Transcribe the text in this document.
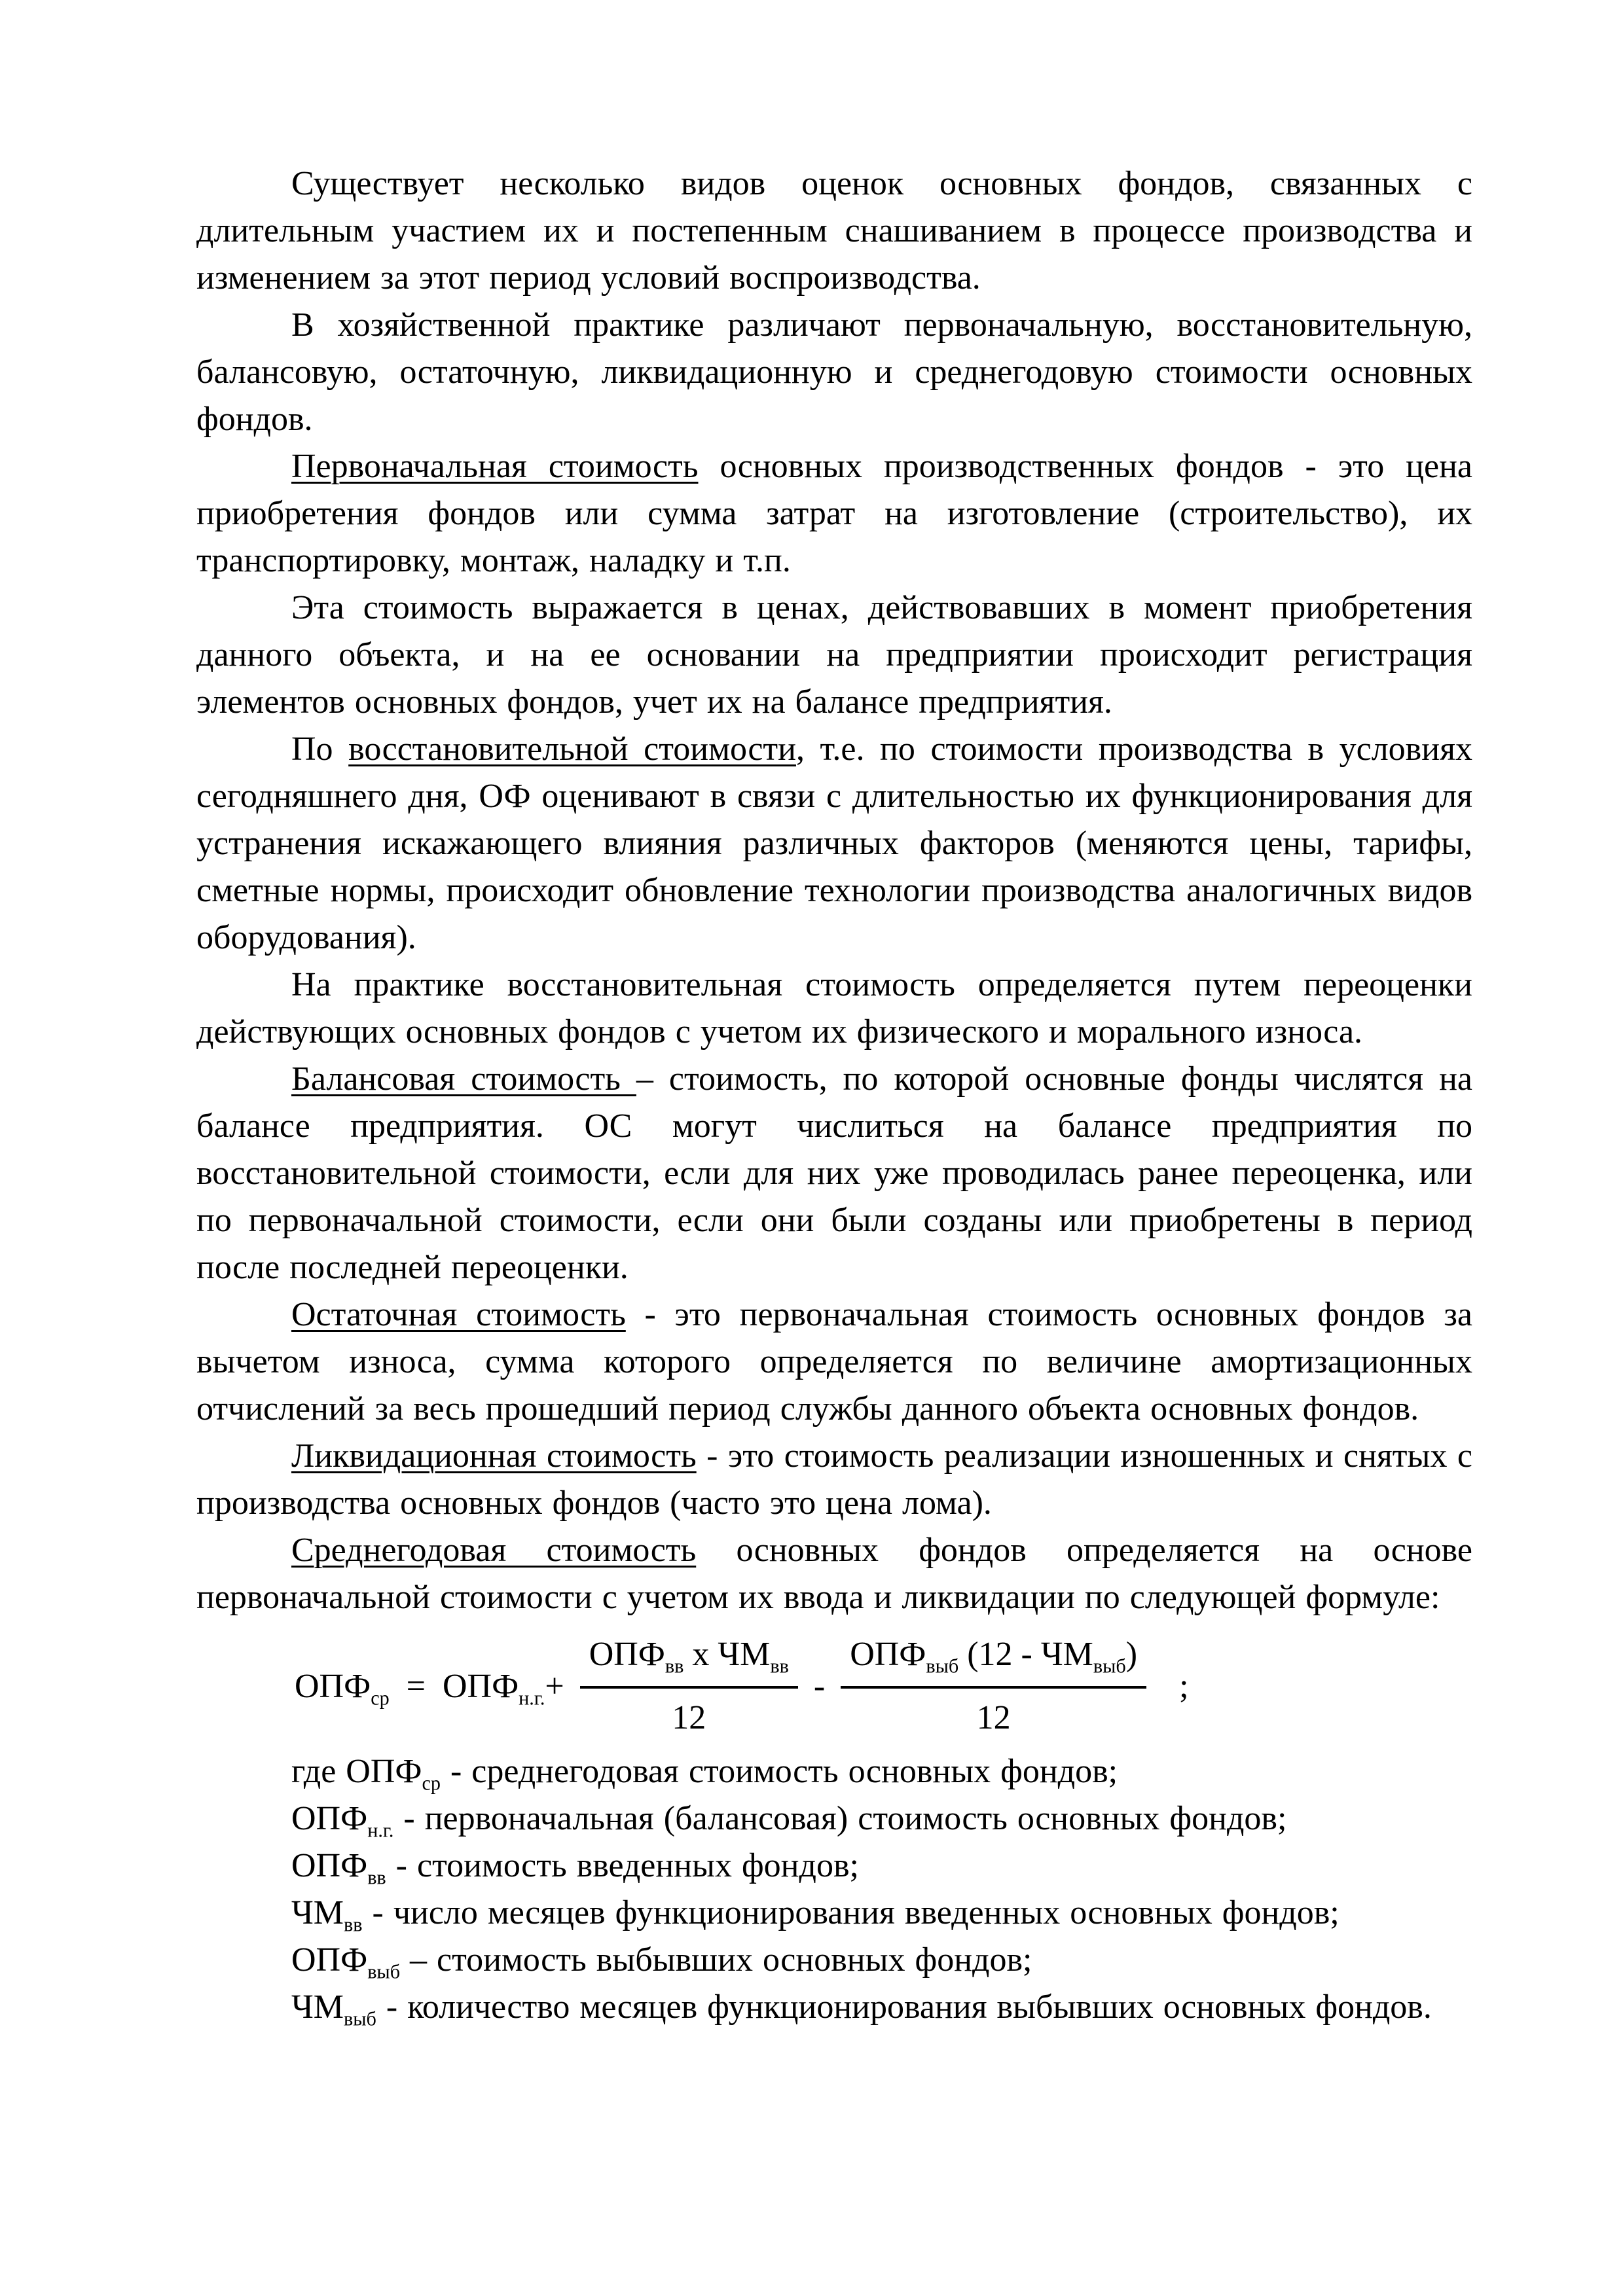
Существует несколько видов оценок основных фондов, связанных с длительным участием их и постепенным снашиванием в процессе производства и изменением за этот период условий воспроизводства.

В хозяйственной практике различают первоначальную, восстановительную, балансовую, остаточную, ликвидационную и среднегодовую стоимости основных фондов.

Первоначальная стоимость основных производственных фондов - это цена приобретения фондов или сумма затрат на изготовление (строительство), их транспортировку, монтаж, наладку и т.п.

Эта стоимость выражается в ценах, действовавших в момент приобретения данного объекта, и на ее основании на предприятии происходит регистрация элементов основных фондов, учет их на балансе предприятия.

По восстановительной стоимости, т.е. по стоимости производства в условиях сегодняшнего дня, ОФ оценивают в связи с длительностью их функционирования для устранения искажающего влияния различных факторов (меняются цены, тарифы, сметные нормы, происходит обновление технологии производства аналогичных видов оборудования).

На практике восстановительная стоимость определяется путем переоценки действующих основных фондов с учетом их физического и морального износа.

Балансовая стоимость – стоимость, по которой основные фонды числятся на балансе предприятия. ОС могут числиться на балансе предприятия по восстановительной стоимости, если для них уже проводилась ранее переоценка, или по первоначальной стоимости, если они были созданы или приобретены в период после последней переоценки.

Остаточная стоимость - это первоначальная стоимость основных фондов за вычетом износа, сумма которого определяется по величине амортизационных отчислений за весь прошедший период службы данного объекта основных фондов.

Ликвидационная стоимость - это стоимость реализации изношенных и снятых с производства основных фондов (часто это цена лома).

Среднегодовая стоимость основных фондов определяется на основе первоначальной стоимости с учетом их ввода и ликвидации по следующей формуле:

$ОПФ_{ср} = ОПФ_{н.г.}+ \frac{ОПФ_{вв} х ЧМ_{вв}}{12} - \frac{ОПФ_{выб} (12 - ЧМ_{выб})}{12}$ ;

где $ОПФ_{ср}$ - среднегодовая стоимость основных фондов;

$ОПФ_{н.г.}$ - первоначальная (балансовая) стоимость основных фондов;

$ОПФ_{вв}$ - стоимость введенных фондов;

$ЧМ_{вв}$ - число месяцев функционирования введенных основных фондов;

$ОПФ_{выб}$ – стоимость выбывших основных фондов;

$ЧМ_{выб}$ - количество месяцев функционирования выбывших основных фондов.
